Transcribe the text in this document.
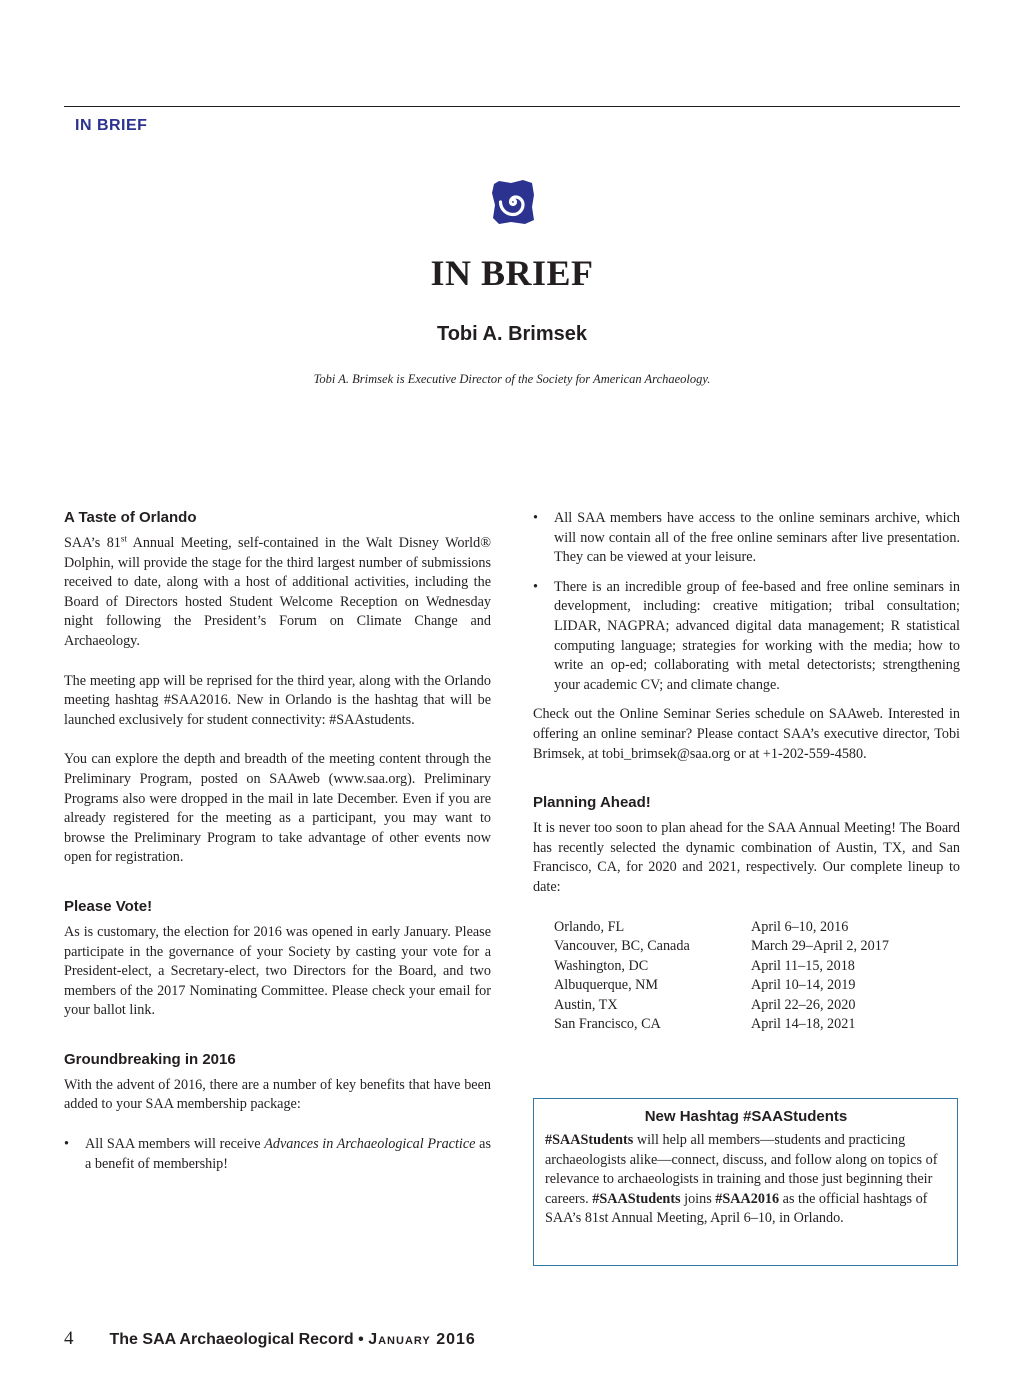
IN BRIEF
IN BRIEF
Tobi A. Brimsek
Tobi A. Brimsek is Executive Director of the Society for American Archaeology.
A Taste of Orlando

SAA’s 81st Annual Meeting, self-contained in the Walt Disney World® Dolphin, will provide the stage for the third largest number of submissions received to date, along with a host of additional activities, including the Board of Directors hosted Student Welcome Reception on Wednesday night following the President’s Forum on Climate Change and Archaeology.

The meeting app will be reprised for the third year, along with the Orlando meeting hashtag #SAA2016. New in Orlando is the hashtag that will be launched exclusively for student connectivity: #SAAstudents.

You can explore the depth and breadth of the meeting content through the Preliminary Program, posted on SAAweb (www.saa.org). Preliminary Programs also were dropped in the mail in late December. Even if you are already registered for the meeting as a participant, you may want to browse the Preliminary Program to take advantage of other events now open for registration.

Please Vote!

As is customary, the election for 2016 was opened in early January. Please participate in the governance of your Society by casting your vote for a President-elect, a Secretary-elect, two Directors for the Board, and two members of the 2017 Nominating Committee. Please check your email for your ballot link.

Groundbreaking in 2016

With the advent of 2016, there are a number of key benefits that have been added to your SAA membership package:

• All SAA members will receive Advances in Archaeological Practice as a benefit of membership!
• All SAA members have access to the online seminars archive, which will now contain all of the free online seminars after live presentation. They can be viewed at your leisure.
• There is an incredible group of fee-based and free online seminars in development, including: creative mitigation; tribal consultation; LIDAR, NAGPRA; advanced digital data management; R statistical computing language; strategies for working with the media; how to write an op-ed; collaborating with metal detectorists; strengthening your academic CV; and climate change.

Check out the Online Seminar Series schedule on SAAweb. Interested in offering an online seminar? Please contact SAA’s executive director, Tobi Brimsek, at tobi_brimsek@saa.org or at +1-202-559-4580.

Planning Ahead!

It is never too soon to plan ahead for the SAA Annual Meeting! The Board has recently selected the dynamic combination of Austin, TX, and San Francisco, CA, for 2020 and 2021, respectively. Our complete lineup to date:

Orlando, FL	April 6–10, 2016
Vancouver, BC, Canada	March 29–April 2, 2017
Washington, DC	April 11–15, 2018
Albuquerque, NM	April 10–14, 2019
Austin, TX	April 22–26, 2020
San Francisco, CA	April 14–18, 2021
New Hashtag #SAAStudents

#SAAStudents will help all members—students and practicing archaeologists alike—connect, discuss, and follow along on topics of relevance to archaeologists in training and those just beginning their careers. #SAAStudents joins #SAA2016 as the official hashtags of SAA’s 81st Annual Meeting, April 6–10, in Orlando.

4 The SAA Archaeological Record • January 2016
